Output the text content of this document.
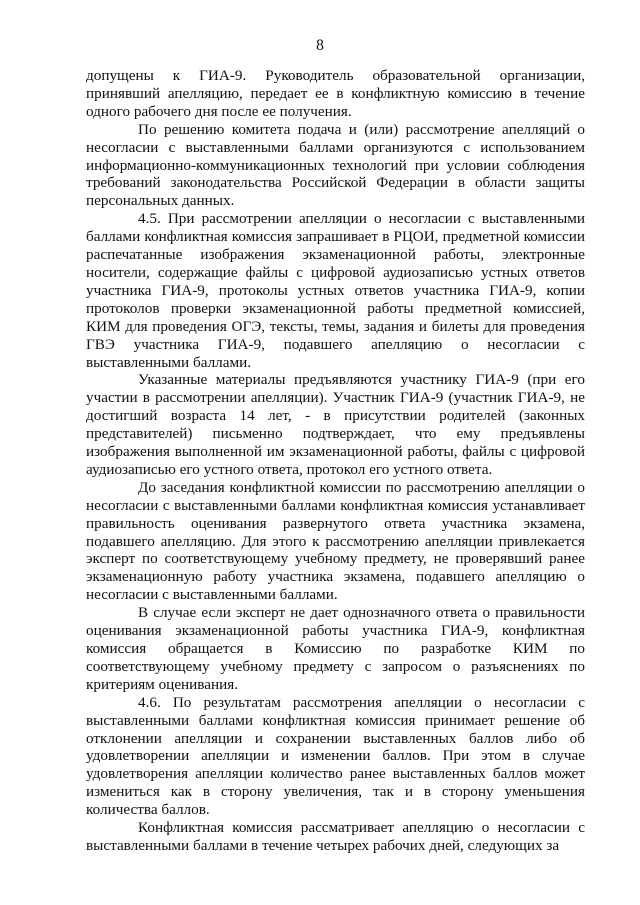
8

допущены к ГИА-9. Руководитель образовательной организации, принявший апелляцию, передает ее в конфликтную комиссию в течение одного рабочего дня после ее получения.

По решению комитета подача и (или) рассмотрение апелляций о несогласии с выставленными баллами организуются с использованием информационно-коммуникационных технологий при условии соблюдения требований законодательства Российской Федерации в области защиты персональных данных.

4.5. При рассмотрении апелляции о несогласии с выставленными баллами конфликтная комиссия запрашивает в РЦОИ, предметной комиссии распечатанные изображения экзаменационной работы, электронные носители, содержащие файлы с цифровой аудиозаписью устных ответов участника ГИА-9, протоколы устных ответов участника ГИА-9, копии протоколов проверки экзаменационной работы предметной комиссией, КИМ для проведения ОГЭ, тексты, темы, задания и билеты для проведения ГВЭ участника ГИА-9, подавшего апелляцию о несогласии с выставленными баллами.

Указанные материалы предъявляются участнику ГИА-9 (при его участии в рассмотрении апелляции). Участник ГИА-9 (участник ГИА-9, не достигший возраста 14 лет, - в присутствии родителей (законных представителей) письменно подтверждает, что ему предъявлены изображения выполненной им экзаменационной работы, файлы с цифровой аудиозаписью его устного ответа, протокол его устного ответа.

До заседания конфликтной комиссии по рассмотрению апелляции о несогласии с выставленными баллами конфликтная комиссия устанавливает правильность оценивания развернутого ответа участника экзамена, подавшего апелляцию. Для этого к рассмотрению апелляции привлекается эксперт по соответствующему учебному предмету, не проверявший ранее экзаменационную работу участника экзамена, подавшего апелляцию о несогласии с выставленными баллами.

В случае если эксперт не дает однозначного ответа о правильности оценивания экзаменационной работы участника ГИА-9, конфликтная комиссия обращается в Комиссию по разработке КИМ по соответствующему учебному предмету с запросом о разъяснениях по критериям оценивания.

4.6. По результатам рассмотрения апелляции о несогласии с выставленными баллами конфликтная комиссия принимает решение об отклонении апелляции и сохранении выставленных баллов либо об удовлетворении апелляции и изменении баллов. При этом в случае удовлетворения апелляции количество ранее выставленных баллов может измениться как в сторону увеличения, так и в сторону уменьшения количества баллов.

Конфликтная комиссия рассматривает апелляцию о несогласии с выставленными баллами в течение четырех рабочих дней, следующих за
